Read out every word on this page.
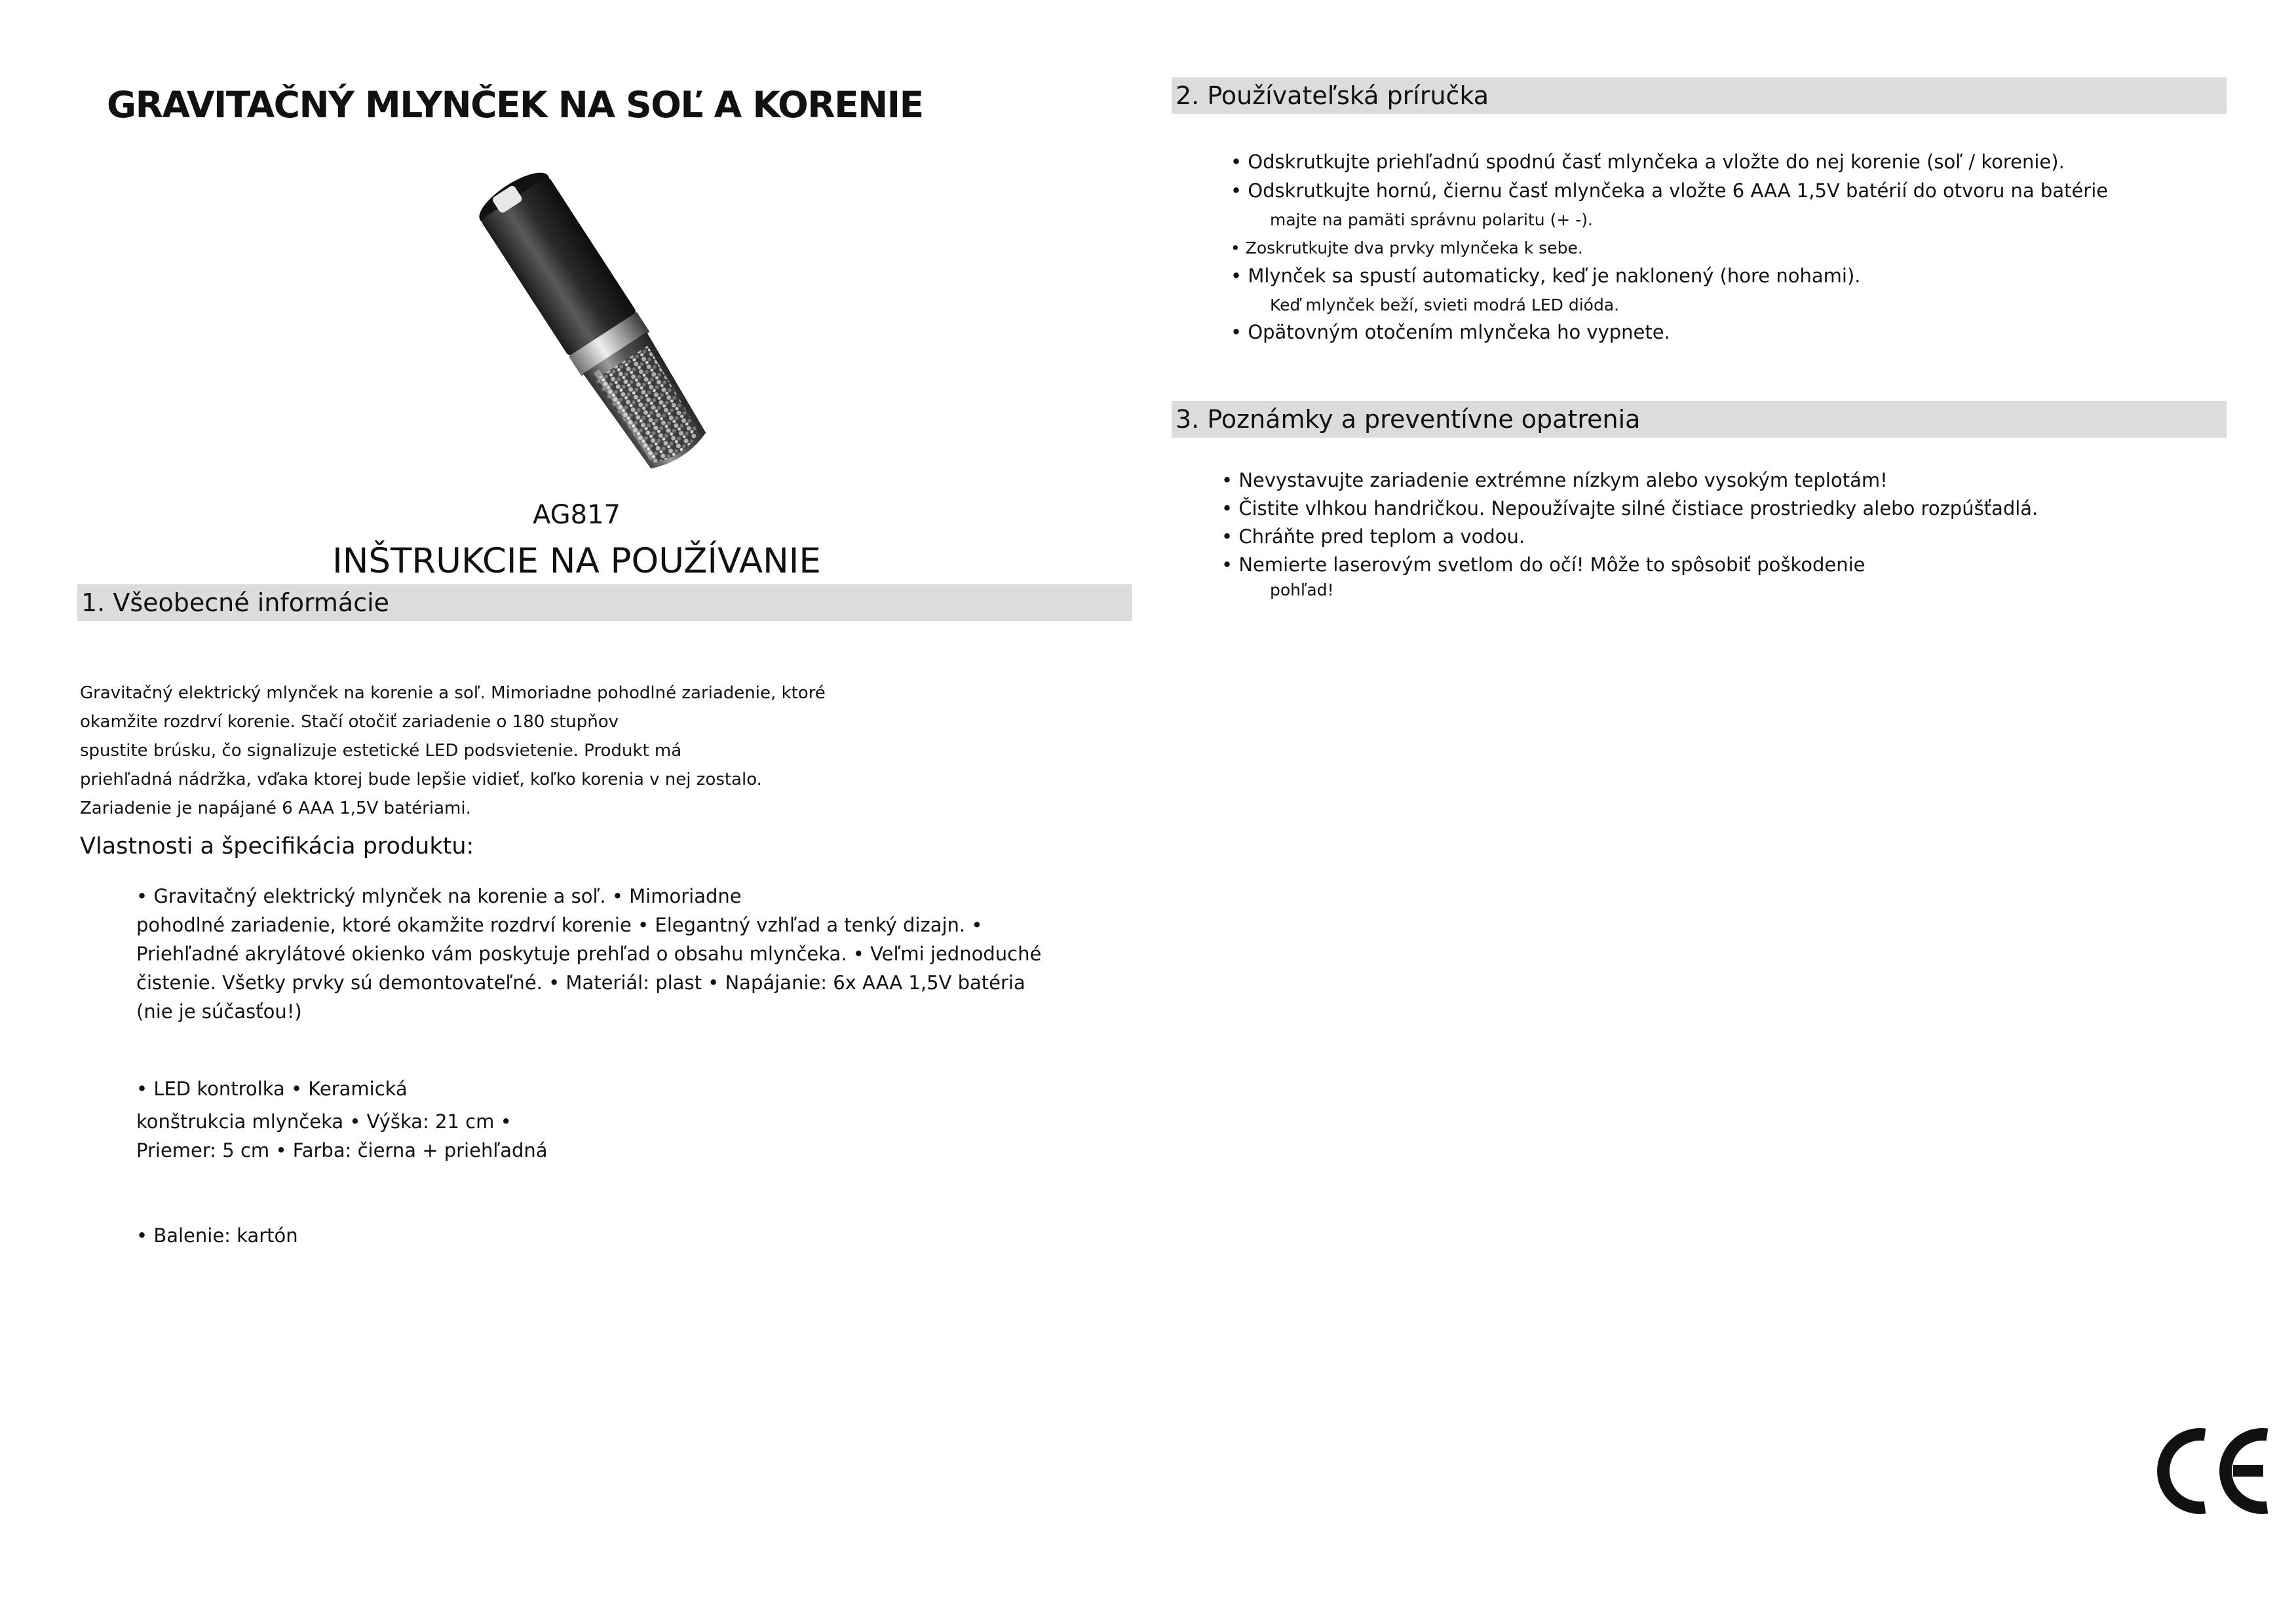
GRAVITAČNÝ MLYNČEK NA SOĽ A KORENIE
AG817
INŠTRUKCIE NA POUŽÍVANIE
1. Všeobecné informácie
Gravitačný elektrický mlynček na korenie a soľ. Mimoriadne pohodlné zariadenie, ktoré
okamžite rozdrví korenie. Stačí otočiť zariadenie o 180 stupňov
spustite brúsku, čo signalizuje estetické LED podsvietenie. Produkt má
priehľadná nádržka, vďaka ktorej bude lepšie vidieť, koľko korenia v nej zostalo.
Zariadenie je napájané 6 AAA 1,5V batériami.
Vlastnosti a špecifikácia produktu:
• Gravitačný elektrický mlynček na korenie a soľ. • Mimoriadne
pohodlné zariadenie, ktoré okamžite rozdrví korenie • Elegantný vzhľad a tenký dizajn. •
Priehľadné akrylátové okienko vám poskytuje prehľad o obsahu mlynčeka. • Veľmi jednoduché
čistenie. Všetky prvky sú demontovateľné. • Materiál: plast • Napájanie: 6x AAA 1,5V batéria
(nie je súčasťou!)
• LED kontrolka • Keramická
konštrukcia mlynčeka • Výška: 21 cm •
Priemer: 5 cm • Farba: čierna + priehľadná
• Balenie: kartón
2. Používateľská príručka
• Odskrutkujte priehľadnú spodnú časť mlynčeka a vložte do nej korenie (soľ / korenie).
• Odskrutkujte hornú, čiernu časť mlynčeka a vložte 6 AAA 1,5V batérií do otvoru na batérie
majte na pamäti správnu polaritu (+ -).
• Zoskrutkujte dva prvky mlynčeka k sebe.
• Mlynček sa spustí automaticky, keď je naklonený (hore nohami).
Keď mlynček beží, svieti modrá LED dióda.
• Opätovným otočením mlynčeka ho vypnete.
3. Poznámky a preventívne opatrenia
• Nevystavujte zariadenie extrémne nízkym alebo vysokým teplotám!
• Čistite vlhkou handričkou. Nepoužívajte silné čistiace prostriedky alebo rozpúšťadlá.
• Chráňte pred teplom a vodou.
• Nemierte laserovým svetlom do očí! Môže to spôsobiť poškodenie
pohľad!
